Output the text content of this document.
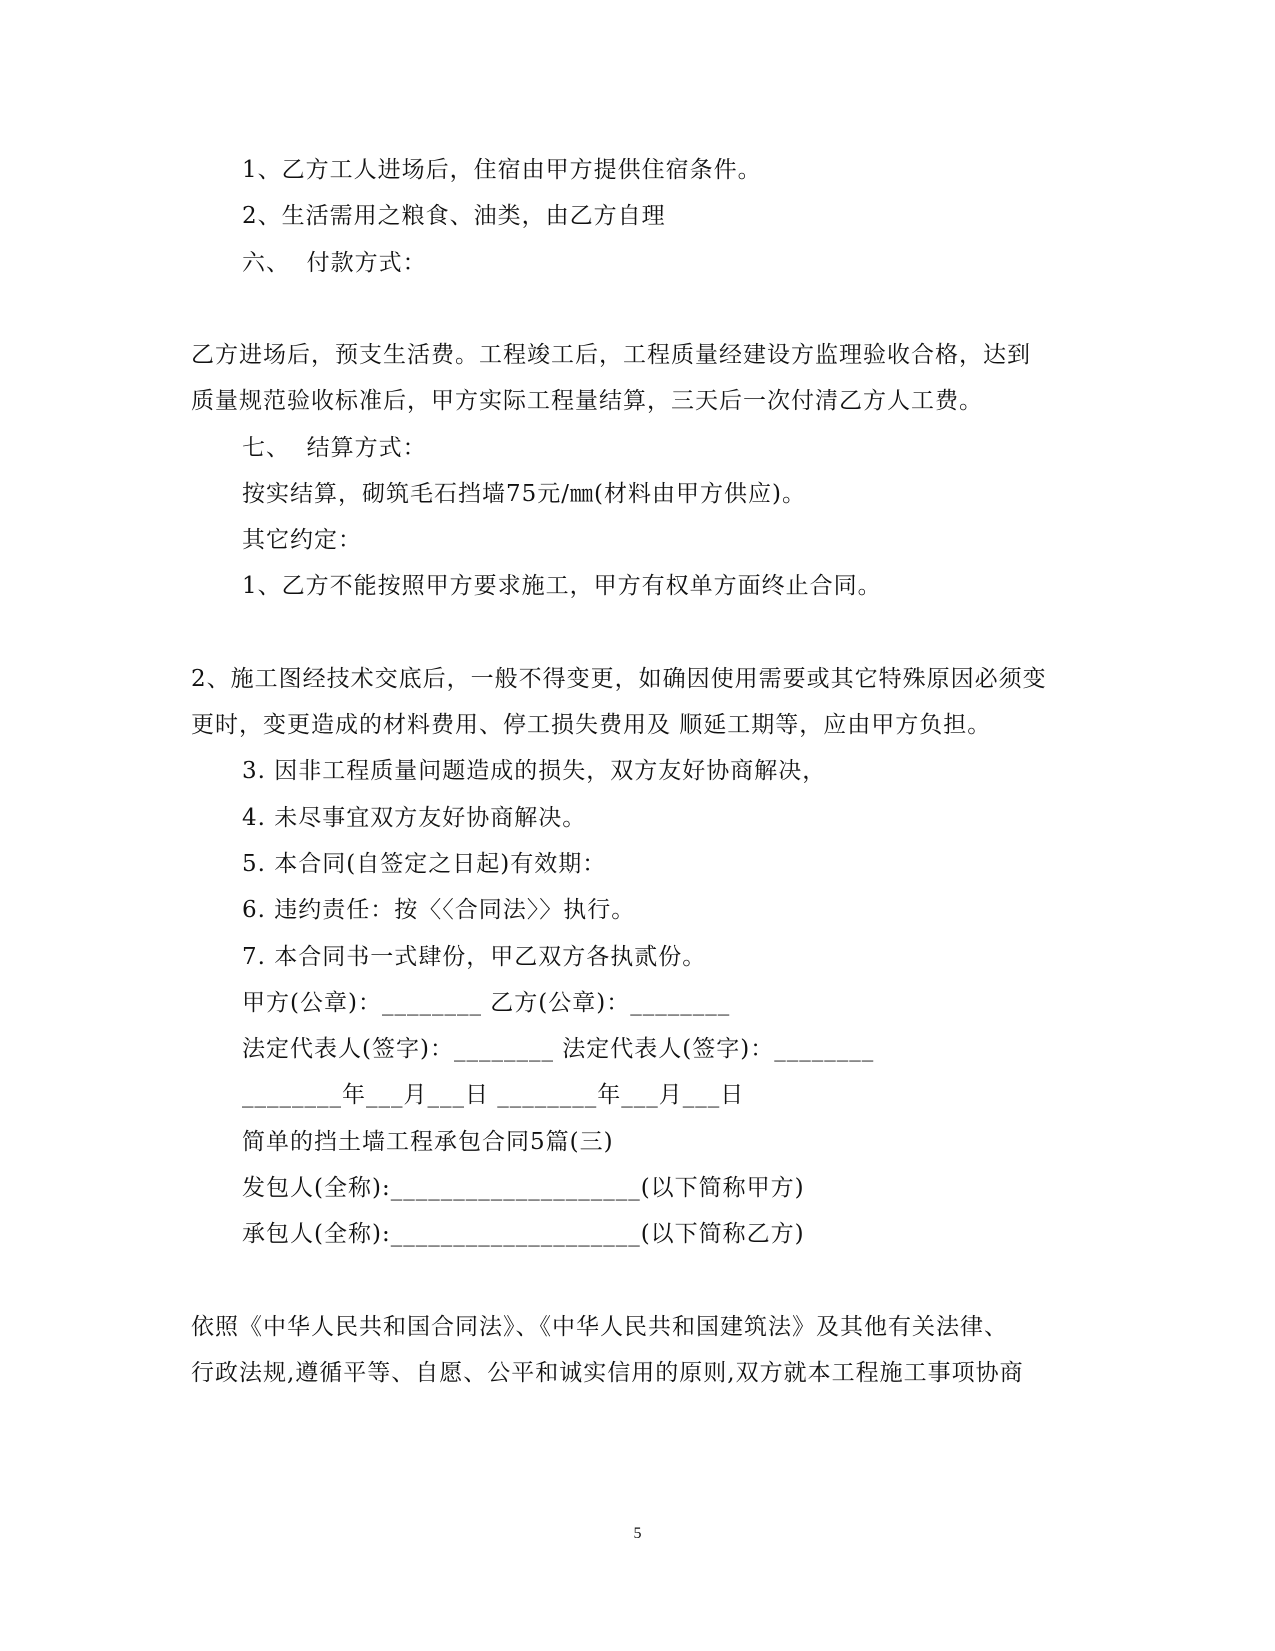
1、乙方工人进场后，住宿由甲方提供住宿条件。
2、生活需用之粮食、油类，由乙方自理
六、  付款方式：
乙方进场后，预支生活费。工程竣工后，工程质量经建设方监理验收合格，达到
质量规范验收标准后，甲方实际工程量结算，三天后一次付清乙方人工费。
七、  结算方式：
按实结算，砌筑毛石挡墙75元/㎜(材料由甲方供应)。
其它约定：
1、乙方不能按照甲方要求施工，甲方有权单方面终止合同。
2、施工图经技术交底后，一般不得变更，如确因使用需要或其它特殊原因必须变
更时，变更造成的材料费用、停工损失费用及 顺延工期等，应由甲方负担。
3. 因非工程质量问题造成的损失，双方友好协商解决，
4. 未尽事宜双方友好协商解决。
5. 本合同(自签定之日起)有效期：
6. 违约责任：按〈〈合同法〉〉执行。
7. 本合同书一式肆份，甲乙双方各执贰份。
甲方(公章)：________ 乙方(公章)：________
法定代表人(签字)：________ 法定代表人(签字)：________
________年___月___日 ________年___月___日
简单的挡土墙工程承包合同5篇(三)
发包人(全称):____________________(以下简称甲方)
承包人(全称):____________________(以下简称乙方)
依照《中华人民共和国合同法》、《中华人民共和国建筑法》及其他有关法律、
行政法规,遵循平等、自愿、公平和诚实信用的原则,双方就本工程施工事项协商
5
